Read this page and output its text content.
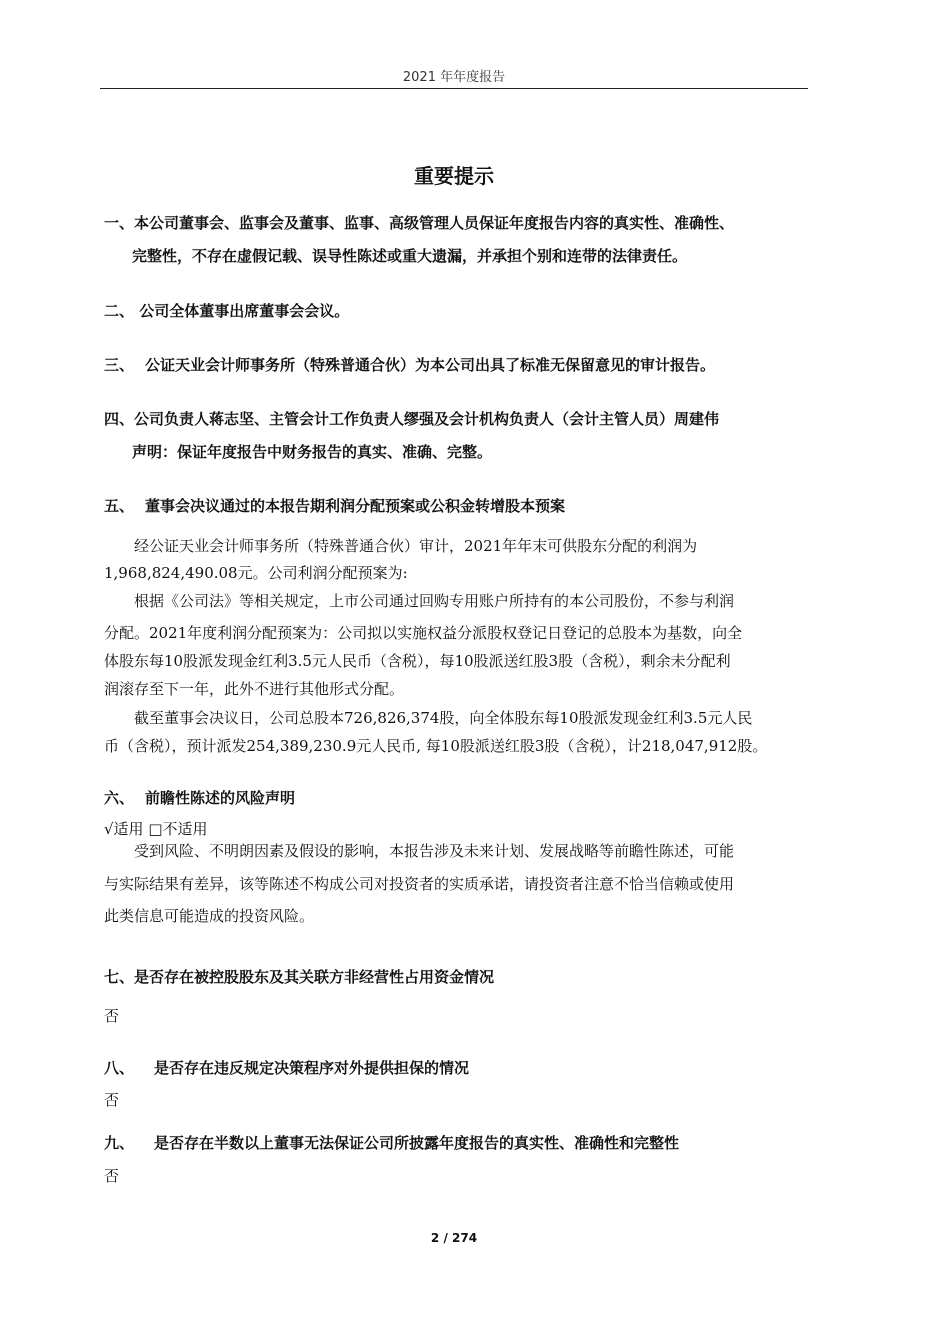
2021 年年度报告
重要提示
一、本公司董事会、监事会及董事、监事、高级管理人员保证年度报告内容的真实性、准确性、
完整性，不存在虚假记载、误导性陈述或重大遗漏，并承担个别和连带的法律责任。
二、 公司全体董事出席董事会会议。
三、 公证天业会计师事务所（特殊普通合伙）为本公司出具了标准无保留意见的审计报告。
四、公司负责人蒋志坚、主管会计工作负责人缪强及会计机构负责人（会计主管人员）周建伟
声明：保证年度报告中财务报告的真实、准确、完整。
五、 董事会决议通过的本报告期利润分配预案或公积金转增股本预案
经公证天业会计师事务所（特殊普通合伙）审计，2021年年末可供股东分配的利润为
1,968,824,490.08元。公司利润分配预案为:
根据《公司法》等相关规定，上市公司通过回购专用账户所持有的本公司股份，不参与利润
分配。2021年度利润分配预案为：公司拟以实施权益分派股权登记日登记的总股本为基数，向全
体股东每10股派发现金红利3.5元人民币（含税），每10股派送红股3股（含税），剩余未分配利
润滚存至下一年，此外不进行其他形式分配。
截至董事会决议日，公司总股本726,826,374股，向全体股东每10股派发现金红利3.5元人民
币（含税），预计派发254,389,230.9元人民币, 每10股派送红股3股（含税），计218,047,912股。
六、 前瞻性陈述的风险声明
√适用 □不适用
受到风险、不明朗因素及假设的影响，本报告涉及未来计划、发展战略等前瞻性陈述，可能
与实际结果有差异，该等陈述不构成公司对投资者的实质承诺，请投资者注意不恰当信赖或使用
此类信息可能造成的投资风险。
七、是否存在被控股股东及其关联方非经营性占用资金情况
否
八、 是否存在违反规定决策程序对外提供担保的情况
否
九、 是否存在半数以上董事无法保证公司所披露年度报告的真实性、准确性和完整性
否
2 / 274
